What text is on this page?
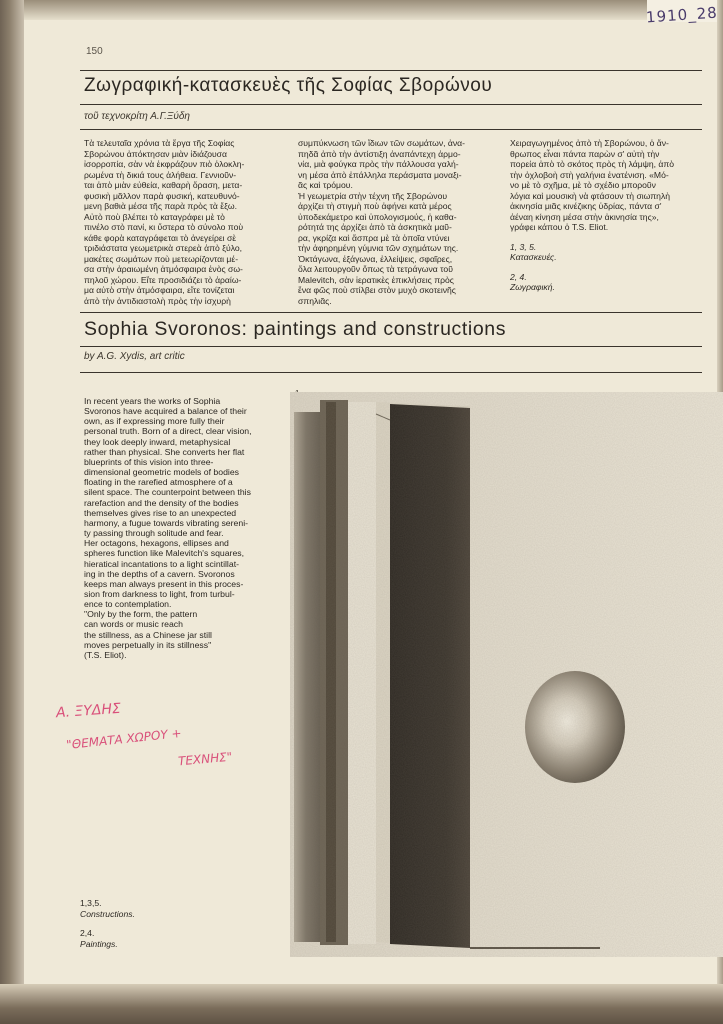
1910_28
150
Ζωγραφική-κατασκευὲς τῆς Σοφίας Σβορώνου
τοῦ τεχνοκρίτη Α.Γ.Ξύδη

Τὰ τελευταῖα χρόνια τὰ ἔργα τῆς Σοφίας

Σβορώνου ἀπόκτησαν μιὰν ἰδιάζουσα

ἰσορροπία, σὰν νὰ ἐκφράζουν πιὸ ὁλοκλη-

ρωμένα τὴ δικιά τους ἀλήθεια. Γεννιοῦν-

ται ἀπὸ μιὰν εὐθεία, καθαρὴ ὅραση, μετα-

φυσικὴ μᾶλλον παρὰ φυσική, κατευθυνό-

μενη βαθιὰ μέσα τῆς παρὰ πρὸς τὰ ἔξω.

Αὐτὸ ποὺ βλέπει τὸ καταγράφει μὲ τὸ

πινέλο στὸ πανί, κι ὕστερα τὸ σύνολο ποὺ

κάθε φορὰ καταγράφεται τὸ ἀνεγείρει σὲ

τριδιάστατα γεωμετρικὰ στερεὰ ἀπὸ ξύλο,

μακέτες σωμάτων ποὺ μετεωρίζονται μέ-

σα στὴν ἀραιωμένη ἀτμόσφαιρα ἑνὸς σω-

πηλοῦ χώρου. Εἴτε προσιδιάζει τὸ ἀραίω-

μα αὐτὸ στὴν ἀτμόσφαιρα, εἴτε τονίζεται

ἀπὸ τὴν ἀντιδιαστολὴ πρὸς τὴν ἰσχυρὴ

συμπύκνωση τῶν ἴδιων τῶν σωμάτων, ἀνα-

πηδᾶ ἀπὸ τὴν ἀντίστιξη ἀναπάντεχη ἁρμο-

νία, μιὰ φούγκα πρὸς τὴν πάλλουσα γαλή-

νη μέσα ἀπὸ ἐπάλληλα περάσματα μοναξι-

ᾶς καὶ τρόμου.

Ἡ γεωμετρία στὴν τέχνη τῆς Σβορώνου

ἀρχίζει τὴ στιγμὴ ποὺ ἀφήνει κατὰ μέρος

ὑποδεκάμετρο καὶ ὑπολογισμούς, ἡ καθα-

ρότητά της ἀρχίζει ἀπὸ τὰ ἀσκητικὰ μαῦ-

ρα, γκρίζα καὶ ἄσπρα μὲ τὰ ὁποῖα ντύνει

τὴν ἀφηρημένη γύμνια τῶν σχημάτων της.

Ὀκτάγωνα, ἑξάγωνα, ἐλλείψεις, σφαῖρες,

ὅλα λειτουργοῦν ὅπως τὰ τετράγωνα τοῦ

Malevitch, σὰν ἱερατικὲς ἐπικλήσεις πρὸς

ἕνα φῶς ποὺ στίλβει στὸν μυχὸ σκοτεινῆς

σπηλιᾶς.

Χειραγωγημένος ἀπὸ τὴ Σβορώνου, ὁ ἄν-

θρωπος εἶναι πάντα παρὼν σ' αὐτὴ τὴν

πορεία ἀπὸ τὸ σκότος πρὸς τὴ λάμψη, ἀπὸ

τὴν ὀχλοβοὴ στὴ γαλήνια ἐνατένιση. «Μό-

νο μὲ τὸ σχῆμα, μὲ τὸ σχέδιο μποροῦν

λόγια καὶ μουσικὴ νὰ φτάσουν τὴ σιωπηλὴ

ἀκινησία μιᾶς κινέζικης ὑδρίας, πάντα σ'

ἀέναη κίνηση μέσα στὴν ἀκινησία της»,

γράφει κάπου ὁ T.S. Eliot.

1, 3, 5.

Κατασκευές.

2, 4.

Ζωγραφική.

Sophia Svoronos: paintings and constructions
by A.G. Xydis, art critic

In recent years the works of Sophia

Svoronos have acquired a balance of their

own, as if expressing more fully their

personal truth. Born of a direct, clear vision,

they look deeply inward, metaphysical

rather than physical. She converts her flat

blueprints of this vision into three-

dimensional geometric models of bodies

floating in the rarefied atmosphere of a

silent space. The counterpoint between this

rarefaction and the density of the bodies

themselves gives rise to an unexpected

harmony, a fugue towards vibrating sereni-

ty passing through solitude and fear.

Her octagons, hexagons, ellipses and

spheres function like Malevitch's squares,

hieratical incantations to a light scintillat-

ing in the depths of a cavern. Svoronos

keeps man always present in this proces-

sion from darkness to light, from turbul-

ence to contemplation.

"Only by the form, the pattern

can words or music reach

the stillness, as a Chinese jar still

moves perpetually in its stillness"

(T.S. Eliot).

Α. ΞΥΔΗΣ
"ΘΕΜΑΤΑ ΧΩΡΟΥ +
ΤΕΧΝΗΣ"
1,3,5.
Constructions.
2,4.
Paintings.
